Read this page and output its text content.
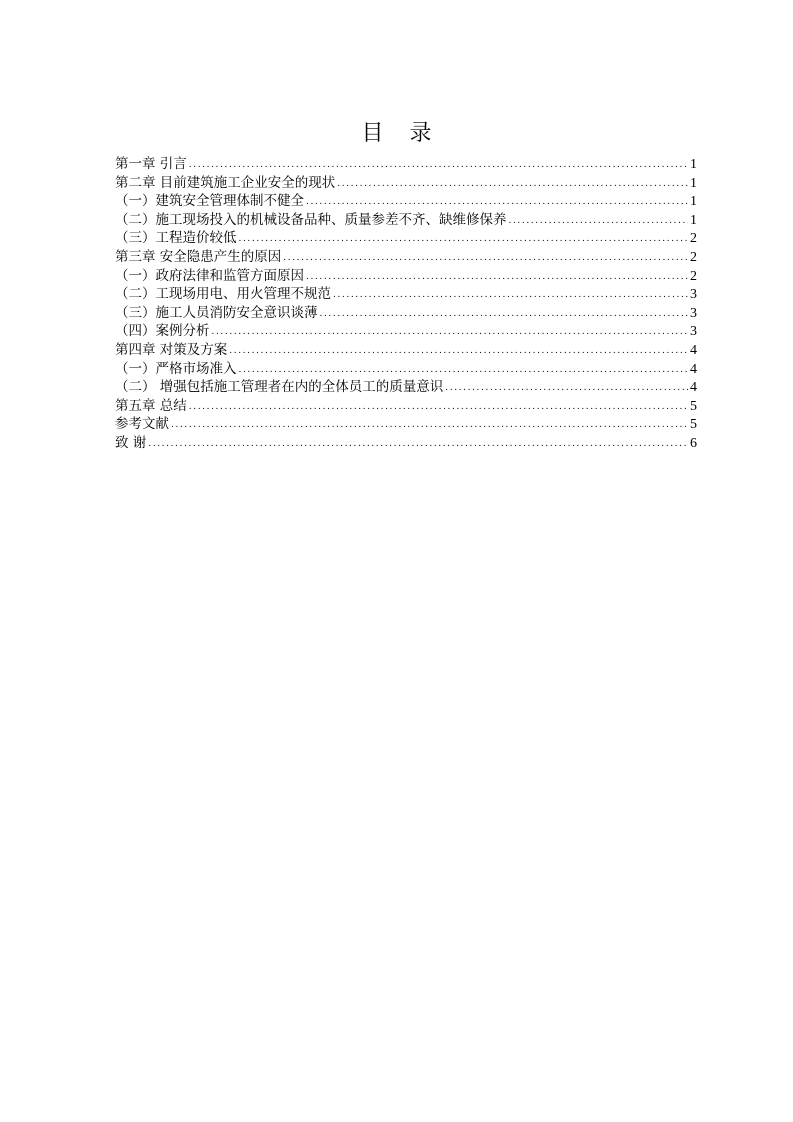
目 录
第一章 引言 .....	1
第二章 目前建筑施工企业安全的现状 .....	1
（一）建筑安全管理体制不健全 .....	1
（二）施工现场投入的机械设备品种、质量参差不齐、缺维修保养 .....	1
（三）工程造价较低 .....	2
第三章 安全隐患产生的原因 .....	2
（一）政府法律和监管方面原因 .....	2
（二）工现场用电、用火管理不规范 .....	3
（三）施工人员消防安全意识谈薄 .....	3
（四）案例分析 .....	3
第四章 对策及方案 .....	4
（一）严格市场准入 .....	4
（二） 增强包括施工管理者在内的全体员工的质量意识 .....	4
第五章 总结 .....	5
参考文献 .....	5
致 谢 .....	6
